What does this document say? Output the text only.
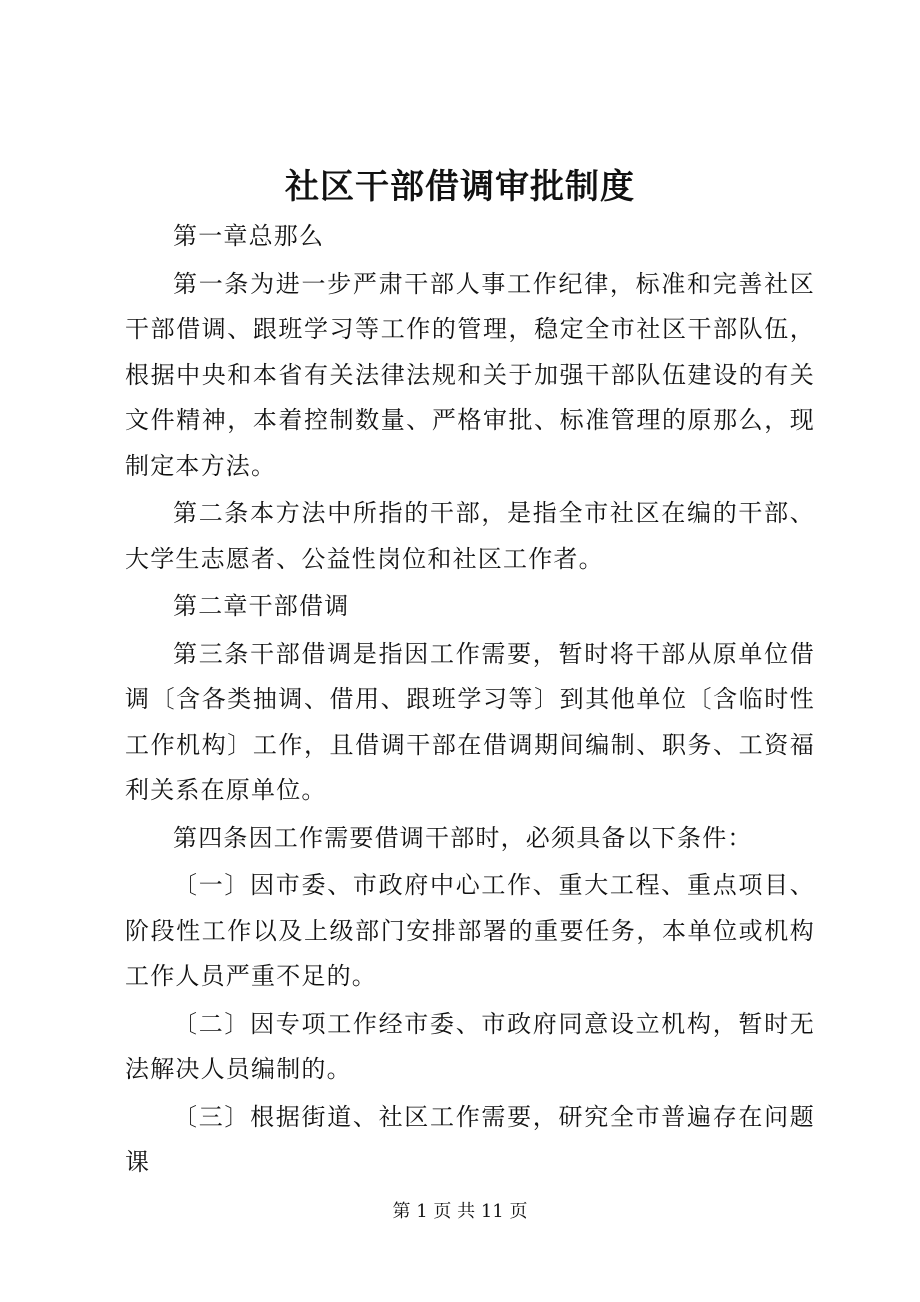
社区干部借调审批制度

第一章总那么

第一条为进一步严肃干部人事工作纪律，标准和完善社区干部借调、跟班学习等工作的管理，稳定全市社区干部队伍，根据中央和本省有关法律法规和关于加强干部队伍建设的有关文件精神，本着控制数量、严格审批、标准管理的原那么，现制定本方法。

第二条本方法中所指的干部，是指全市社区在编的干部、大学生志愿者、公益性岗位和社区工作者。

第二章干部借调

第三条干部借调是指因工作需要，暂时将干部从原单位借调〔含各类抽调、借用、跟班学习等〕到其他单位〔含临时性工作机构〕工作，且借调干部在借调期间编制、职务、工资福利关系在原单位。

第四条因工作需要借调干部时，必须具备以下条件：

〔一〕因市委、市政府中心工作、重大工程、重点项目、阶段性工作以及上级部门安排部署的重要任务，本单位或机构工作人员严重不足的。

〔二〕因专项工作经市委、市政府同意设立机构，暂时无法解决人员编制的。

〔三〕根据街道、社区工作需要，研究全市普遍存在问题课

第 1 页 共 11 页
